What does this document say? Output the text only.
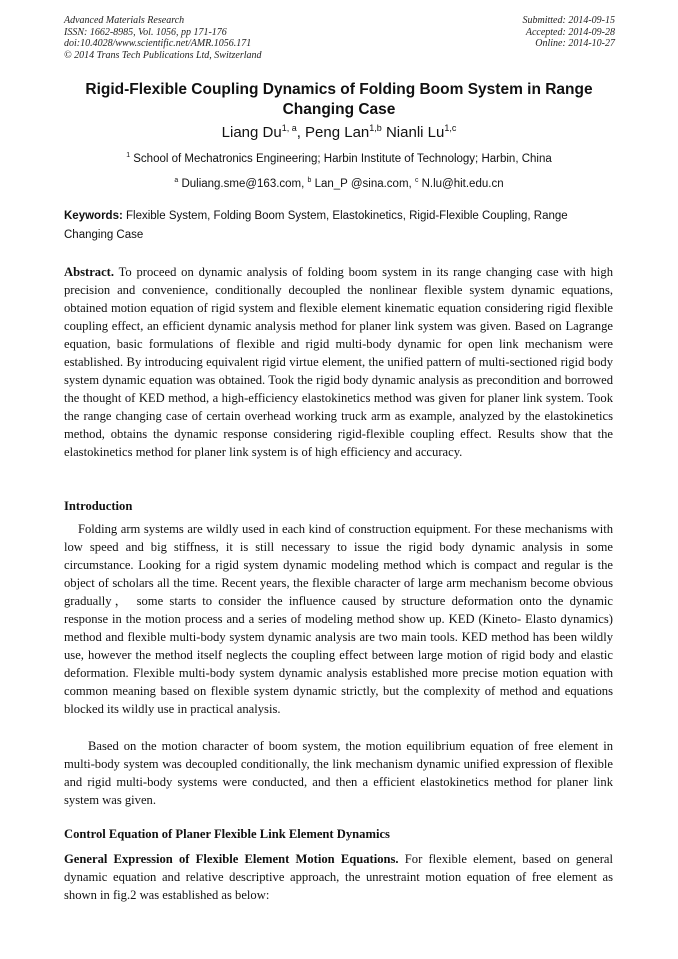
Advanced Materials Research
ISSN: 1662-8985, Vol. 1056, pp 171-176
doi:10.4028/www.scientific.net/AMR.1056.171
© 2014 Trans Tech Publications Ltd, Switzerland
Submitted: 2014-09-15
Accepted: 2014-09-28
Online: 2014-10-27
Rigid-Flexible Coupling Dynamics of Folding Boom System in Range Changing Case
Liang Du$^{1, a}$, Peng Lan$^{1,b}$ Nianli Lu$^{1,c}$
$^1$ School of Mechatronics Engineering; Harbin Institute of Technology; Harbin, China
$^a$ Duliang.sme@163.com, $^b$ Lan_P @sina.com, $^c$ N.lu@hit.edu.cn
Keywords: Flexible System, Folding Boom System, Elastokinetics, Rigid-Flexible Coupling, Range Changing Case
Abstract. To proceed on dynamic analysis of folding boom system in its range changing case with high precision and convenience, conditionally decoupled the nonlinear flexible system dynamic equations, obtained motion equation of rigid system and flexible element kinematic equation considering rigid flexible coupling effect, an efficient dynamic analysis method for planer link system was given. Based on Lagrange equation, basic formulations of flexible and rigid multi-body dynamic for open link mechanism were established. By introducing equivalent rigid virtue element, the unified pattern of multi-sectioned rigid body system dynamic equation was obtained. Took the rigid body dynamic analysis as precondition and borrowed the thought of KED method, a high-efficiency elastokinetics method was given for planer link system. Took the range changing case of certain overhead working truck arm as example, analyzed by the elastokinetics method, obtains the dynamic response considering rigid-flexible coupling effect. Results show that the elastokinetics method for planer link system is of high efficiency and accuracy.
Introduction

Folding arm systems are wildly used in each kind of construction equipment. For these mechanisms with low speed and big stiffness, it is still necessary to issue the rigid body dynamic analysis in some circumstance. Looking for a rigid system dynamic modeling method which is compact and regular is the object of scholars all the time. Recent years, the flexible character of large arm mechanism become obvious gradually， some starts to consider the influence caused by structure deformation onto the dynamic response in the motion process and a series of modeling method show up. KED (Kineto- Elasto dynamics) method and flexible multi-body system dynamic analysis are two main tools. KED method has been wildly use, however the method itself neglects the coupling effect between large motion of rigid body and elastic deformation. Flexible multi-body system dynamic analysis established more precise motion equation with common meaning based on flexible system dynamic strictly, but the complexity of method and equations blocked its wildly use in practical analysis.

Based on the motion character of boom system, the motion equilibrium equation of free element in multi-body system was decoupled conditionally, the link mechanism dynamic unified expression of flexible and rigid multi-body systems were conducted, and then a efficient elastokinetics method for planer link system was given.

Control Equation of Planer Flexible Link Element Dynamics

General Expression of Flexible Element Motion Equations. For flexible element, based on general dynamic equation and relative descriptive approach, the unrestraint motion equation of free element as shown in fig.2 was established as below:
